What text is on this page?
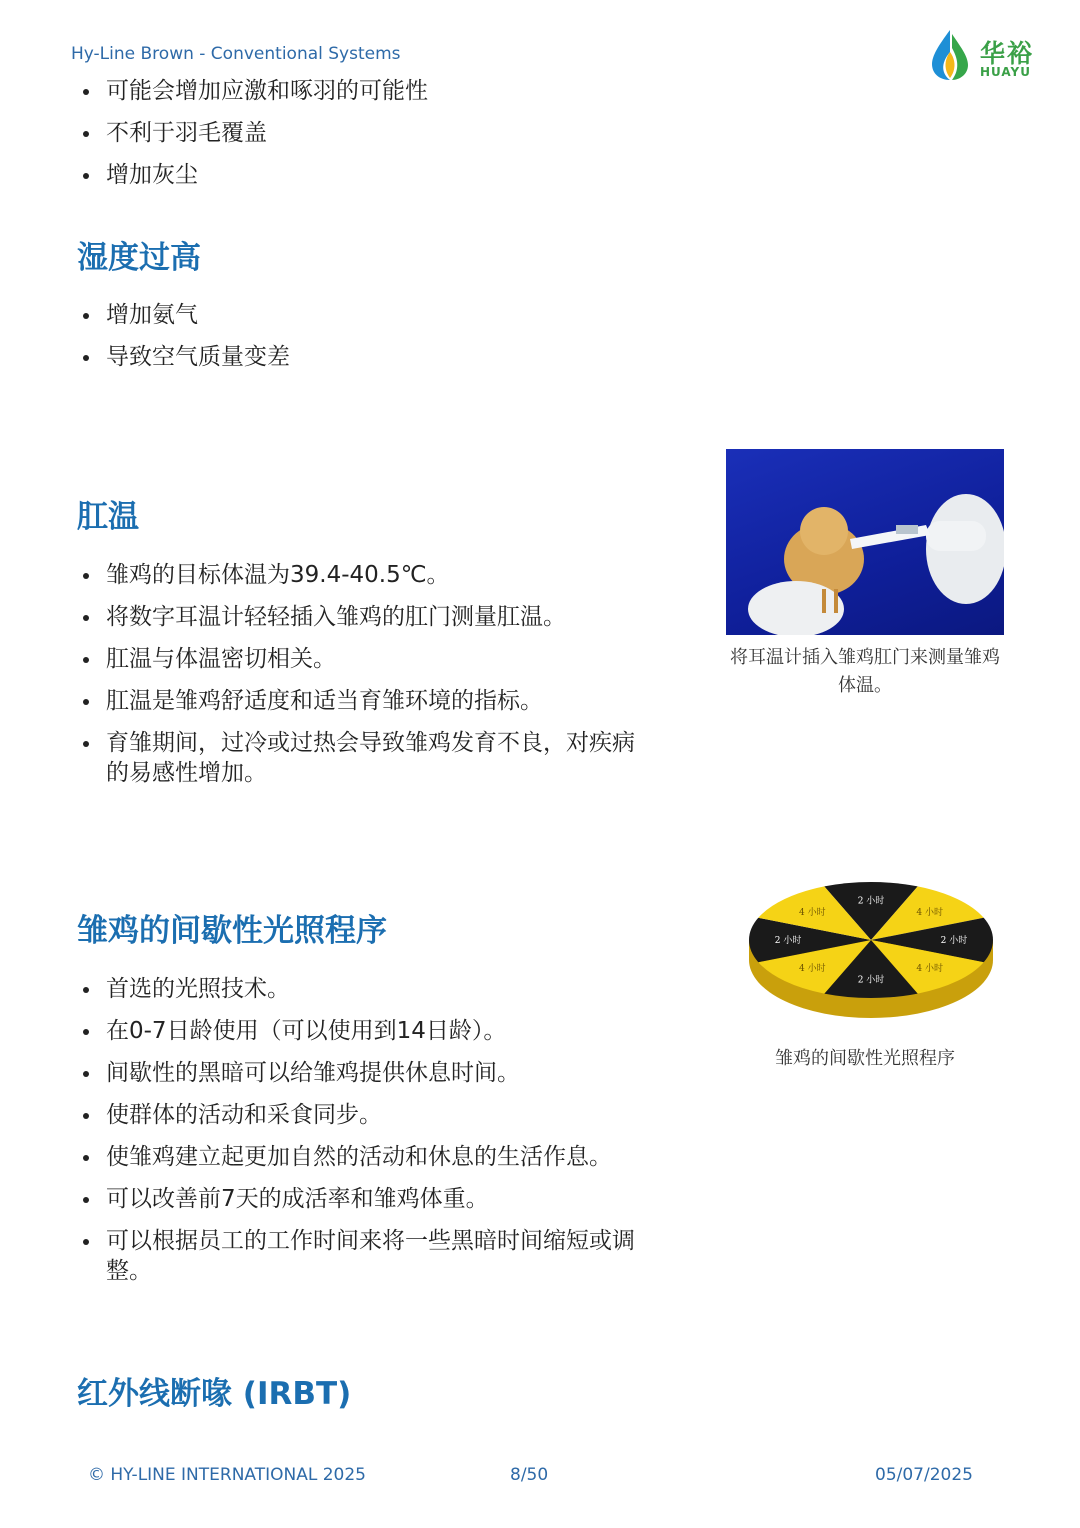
Hy-Line Brown - Conventional Systems	华裕
HUAYU
可能会增加应激和啄羽的可能性
不利于羽毛覆盖
增加灰尘
湿度过高
增加氨气
导致空气质量变差
肛温
雏鸡的目标体温为39.4-40.5℃。
将数字耳温计轻轻插入雏鸡的肛门测量肛温。
肛温与体温密切相关。
肛温是雏鸡舒适度和适当育雏环境的指标。
育雏期间，过冷或过热会导致雏鸡发育不良，对疾病的易感性增加。
将耳温计插入雏鸡肛门来测量雏鸡体温。
雏鸡的间歇性光照程序
首选的光照技术。
在0-7日龄使用（可以使用到14日龄）。
间歇性的黑暗可以给雏鸡提供休息时间。
使群体的活动和采食同步。
使雏鸡建立起更加自然的活动和休息的生活作息。
可以改善前7天的成活率和雏鸡体重。
可以根据员工的工作时间来将一些黑暗时间缩短或调整。
2 小时
4 小时
2 小时
4 小时
2 小时
4 小时
2 小时
4 小时
雏鸡的间歇性光照程序
红外线断喙 (IRBT)
© HY-LINE INTERNATIONAL 2025	8/50	05/07/2025
